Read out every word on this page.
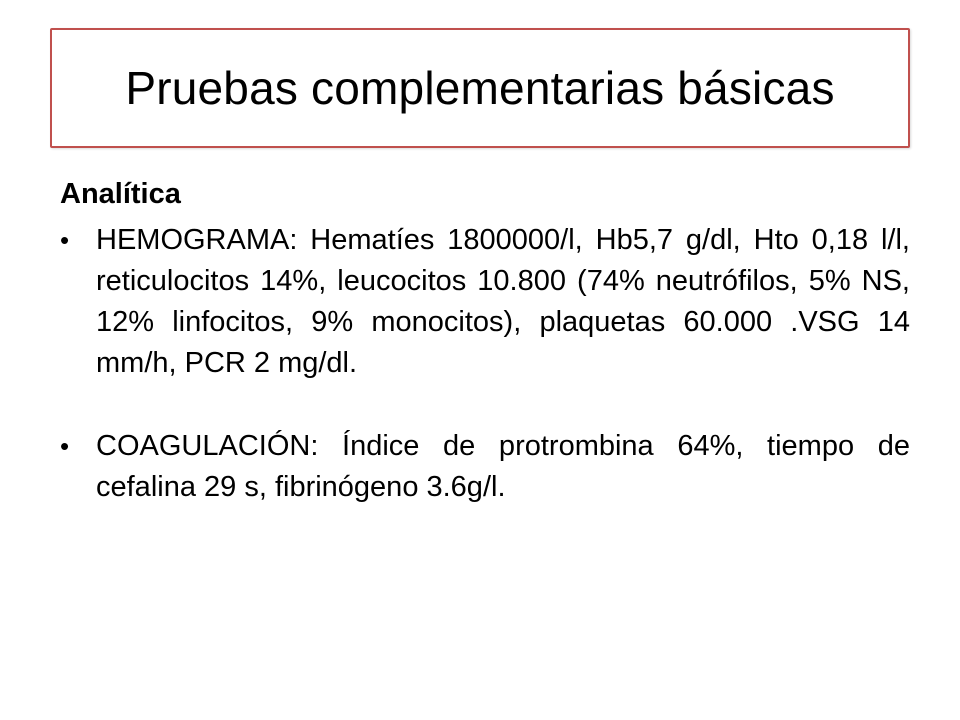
Pruebas complementarias básicas
Analítica
• HEMOGRAMA: Hematíes 1800000/l, Hb5,7 g/dl, Hto 0,18 l/l, reticulocitos 14%, leucocitos 10.800 (74% neutrófilos, 5% NS, 12% linfocitos, 9% monocitos), plaquetas 60.000 .VSG 14 mm/h, PCR 2 mg/dl.
• COAGULACIÓN: Índice de protrombina 64%, tiempo de cefalina 29 s, fibrinógeno 3.6g/l.
